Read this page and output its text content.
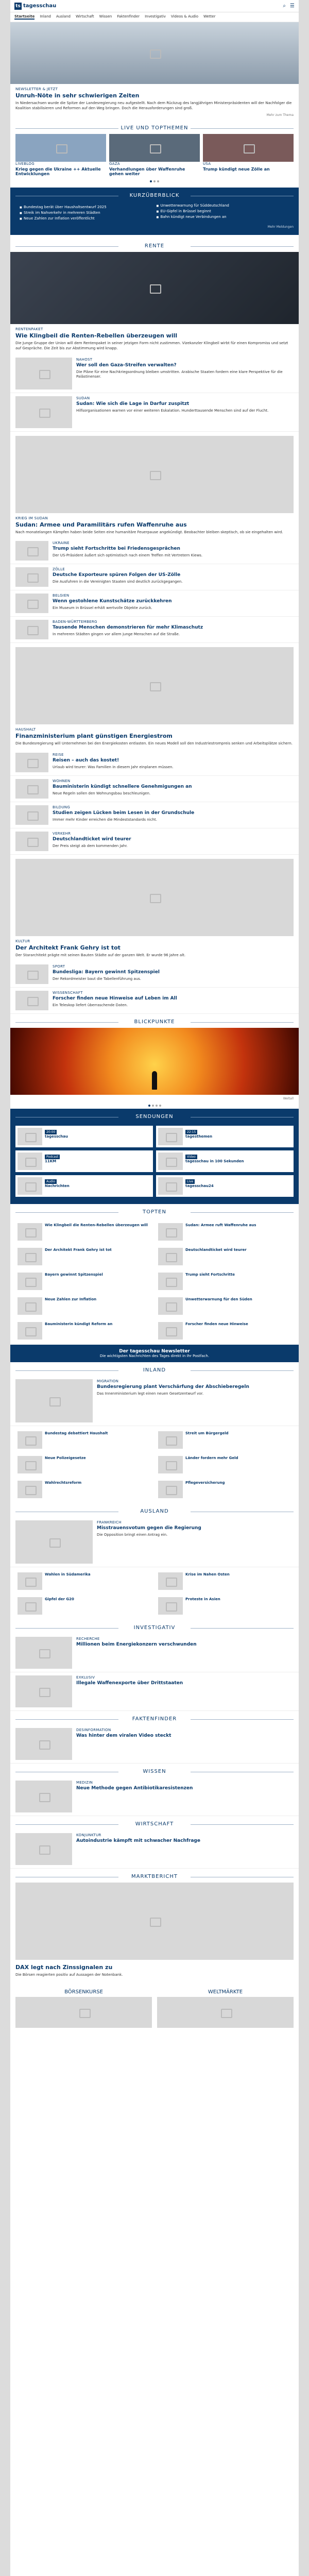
ts tagesschau	⌕ ☰
Startseite Inland Ausland Wirtschaft Wissen Faktenfinder Investigativ Videos & Audio Wetter
NEWSLETTER & JETZT
Unruh-Nöte in sehr schwierigen Zeiten
In Niedersachsen wurde die Spitze der Landesregierung neu aufgestellt. Nach dem Rückzug des langjährigen Ministerpräsidenten will der Nachfolger die Koalition stabilisieren und Reformen auf den Weg bringen. Doch die Herausforderungen sind groß.
Mehr zum Thema
LIVE UND TOPTHEMEN
LIVEBLOG
Krieg gegen die Ukraine ++ Aktuelle Entwicklungen
GAZA
Verhandlungen über Waffenruhe gehen weiter
USA
Trump kündigt neue Zölle an
KURZÜBERBLICK
■ Bundestag berät über Haushaltsentwurf 2025
■ Streik im Nahverkehr in mehreren Städten
■ Neue Zahlen zur Inflation veröffentlicht
■ Unwetterwarnung für Süddeutschland
■ EU-Gipfel in Brüssel beginnt
■ Bahn kündigt neue Verbindungen an
Mehr Meldungen
RENTE
RENTENPAKET
Wie Klingbeil die Renten-Rebellen überzeugen will
Die Junge Gruppe der Union will dem Rentenpaket in seiner jetzigen Form nicht zustimmen. Vizekanzler Klingbeil wirbt für einen Kompromiss und setzt auf Gespräche. Die Zeit bis zur Abstimmung wird knapp.
NAHOST
Wer soll den Gaza-Streifen verwalten?
Die Pläne für eine Nachkriegsordnung bleiben umstritten. Arabische Staaten fordern eine klare Perspektive für die Palästinenser.
SUDAN
Sudan: Wie sich die Lage in Darfur zuspitzt
Hilfsorganisationen warnen vor einer weiteren Eskalation. Hunderttausende Menschen sind auf der Flucht.
KRIEG IM SUDAN
Sudan: Armee und Paramilitärs rufen Waffenruhe aus
Nach monatelangen Kämpfen haben beide Seiten eine humanitäre Feuerpause angekündigt. Beobachter bleiben skeptisch, ob sie eingehalten wird.
UKRAINE
Trump sieht Fortschritte bei Friedensgesprächen
Der US-Präsident äußert sich optimistisch nach einem Treffen mit Vertretern Kiews.
ZÖLLE
Deutsche Exporteure spüren Folgen der US-Zölle
Die Ausfuhren in die Vereinigten Staaten sind deutlich zurückgegangen.
BELGIEN
Wenn gestohlene Kunstschätze zurückkehren
Ein Museum in Brüssel erhält wertvolle Objekte zurück.
BADEN-WÜRTTEMBERG
Tausende Menschen demonstrieren für mehr Klimaschutz
In mehreren Städten gingen vor allem junge Menschen auf die Straße.
HAUSHALT
Finanzministerium plant günstigen Energiestrom
Die Bundesregierung will Unternehmen bei den Energiekosten entlasten. Ein neues Modell soll den Industriestrompreis senken und Arbeitsplätze sichern.
REISE
Reisen – auch das kostet!
Urlaub wird teurer: Was Familien in diesem Jahr einplanen müssen.
WOHNEN
Bauministerin kündigt schnellere Genehmigungen an
Neue Regeln sollen den Wohnungsbau beschleunigen.
BILDUNG
Studien zeigen Lücken beim Lesen in der Grundschule
Immer mehr Kinder erreichen die Mindeststandards nicht.
VERKEHR
Deutschlandticket wird teurer
Der Preis steigt ab dem kommenden Jahr.
KULTUR
Der Architekt Frank Gehry ist tot
Der Stararchitekt prägte mit seinen Bauten Städte auf der ganzen Welt. Er wurde 96 Jahre alt.
SPORT
Bundesliga: Bayern gewinnt Spitzenspiel
Der Rekordmeister baut die Tabellenführung aus.
WISSENSCHAFT
Forscher finden neue Hinweise auf Leben im All
Ein Teleskop liefert überraschende Daten.
BLICKPUNKTE
Weltall
SENDUNGEN
20:00
tagesschau
22:15
tagesthemen
Podcast
11KM
Video
tagesschau in 100 Sekunden
Audio
Nachrichten
Live
tagesschau24
TOPTEN
Wie Klingbeil die Renten-Rebellen überzeugen will	Sudan: Armee ruft Waffenruhe aus
Der Architekt Frank Gehry ist tot	Deutschlandticket wird teurer
Bayern gewinnt Spitzenspiel	Trump sieht Fortschritte
Neue Zahlen zur Inflation	Unwetterwarnung für den Süden
Bauministerin kündigt Reform an	Forscher finden neue Hinweise
Der tagesschau Newsletter
Die wichtigsten Nachrichten des Tages direkt in Ihr Postfach.
INLAND
MIGRATION
Bundesregierung plant Verschärfung der Abschieberegeln
Das Innenministerium legt einen neuen Gesetzentwurf vor.
Bundestag debattiert Haushalt	Streit um Bürgergeld
Neue Polizeigesetze	Länder fordern mehr Geld
Wahlrechtsreform	Pflegeversicherung
AUSLAND
FRANKREICH
Misstrauensvotum gegen die Regierung
Die Opposition bringt einen Antrag ein.
Wahlen in Südamerika	Krise im Nahen Osten
Gipfel der G20	Proteste in Asien
INVESTIGATIV
RECHERCHE
Millionen beim Energiekonzern verschwunden
EXKLUSIV
Illegale Waffenexporte über Drittstaaten
FAKTENFINDER
DESINFORMATION
Was hinter dem viralen Video steckt
WISSEN
MEDIZIN
Neue Methode gegen Antibiotikaresistenzen
WIRTSCHAFT
KONJUNKTUR
Autoindustrie kämpft mit schwacher Nachfrage
MARKTBERICHT
DAX legt nach Zinssignalen zu
Die Börsen reagierten positiv auf Aussagen der Notenbank.
BÖRSENKURSE	WELTMÄRKTE
